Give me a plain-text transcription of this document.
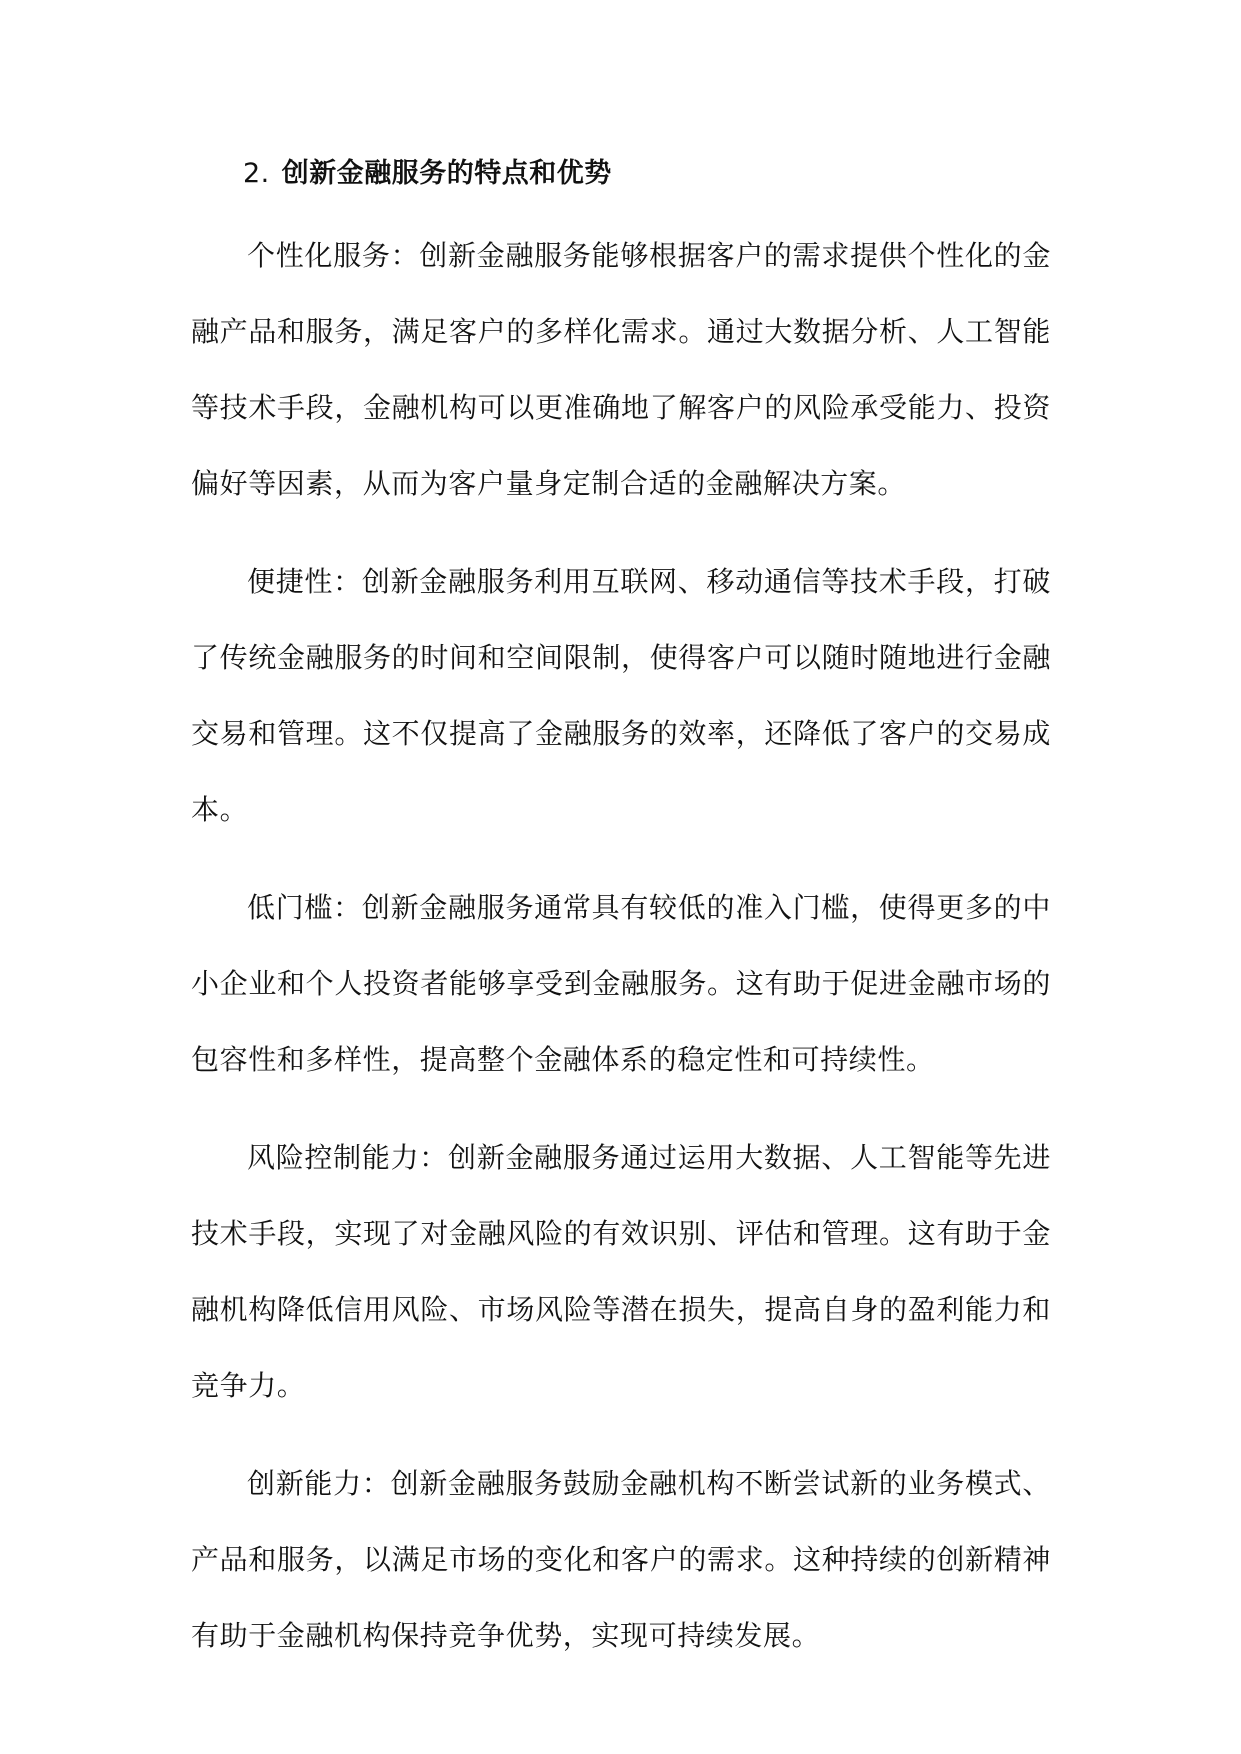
2. 创新金融服务的特点和优势

个性化服务：创新金融服务能够根据客户的需求提供个性化的金融产品和服务，满足客户的多样化需求。通过大数据分析、人工智能等技术手段，金融机构可以更准确地了解客户的风险承受能力、投资偏好等因素，从而为客户量身定制合适的金融解决方案。

便捷性：创新金融服务利用互联网、移动通信等技术手段，打破了传统金融服务的时间和空间限制，使得客户可以随时随地进行金融交易和管理。这不仅提高了金融服务的效率，还降低了客户的交易成本。

低门槛：创新金融服务通常具有较低的准入门槛，使得更多的中小企业和个人投资者能够享受到金融服务。这有助于促进金融市场的包容性和多样性，提高整个金融体系的稳定性和可持续性。

风险控制能力：创新金融服务通过运用大数据、人工智能等先进技术手段，实现了对金融风险的有效识别、评估和管理。这有助于金融机构降低信用风险、市场风险等潜在损失，提高自身的盈利能力和竞争力。

创新能力：创新金融服务鼓励金融机构不断尝试新的业务模式、产品和服务，以满足市场的变化和客户的需求。这种持续的创新精神有助于金融机构保持竞争优势，实现可持续发展。
